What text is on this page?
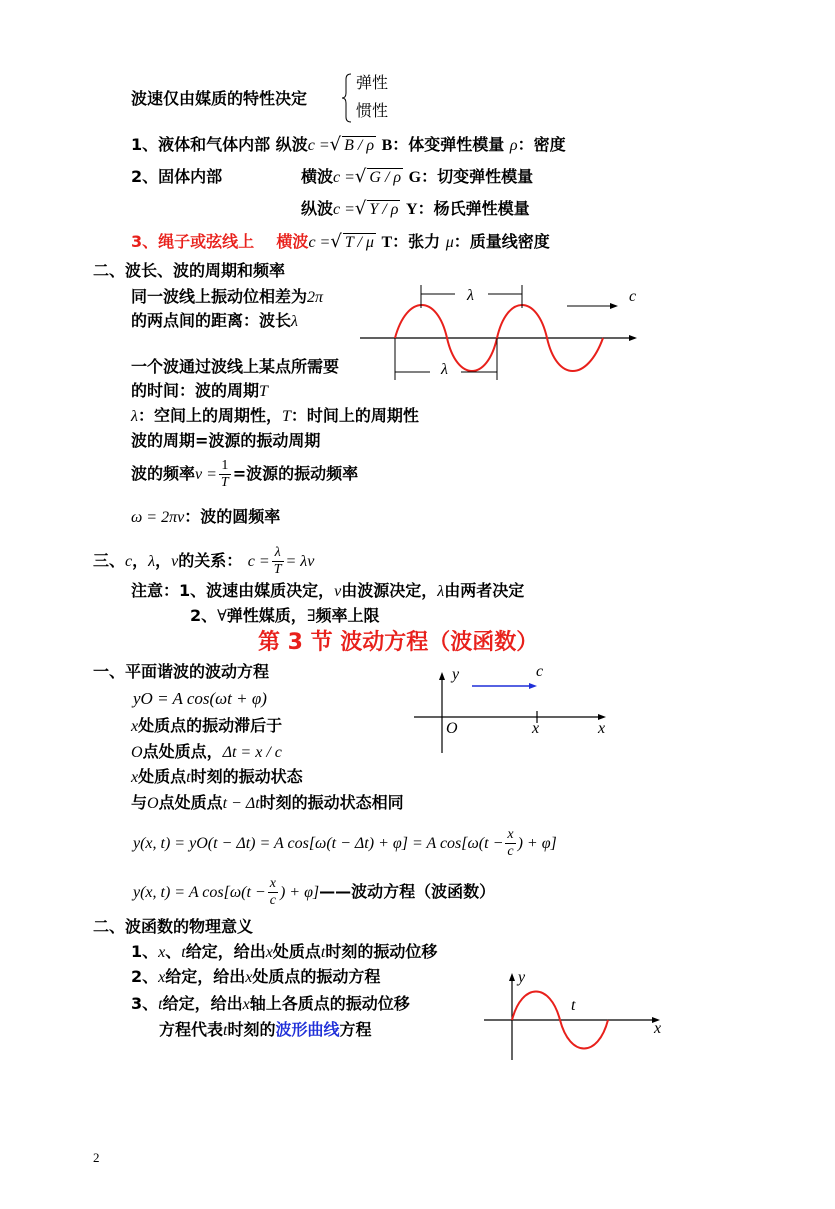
波速仅由媒质的特性决定
弹性
惯性
1、液体和气体内部 纵波c =√ B / ρ B：体变弹性模量 ρ：密度
2、固体内部	横波c =√ G / ρ G：切变弹性模量
纵波c =√ Y / ρ Y：杨氏弹性模量
3、绳子或弦线上 横波c =√ T / μ T：张力 μ：质量线密度
二、波长、波的周期和频率
同一波线上振动位相差为2π
的两点间的距离：波长λ
一个波通过波线上某点所需要
的时间：波的周期T
λ：空间上的周期性，T：时间上的周期性
波的周期=波源的振动周期
波的频率$\nu = \frac{1}{T}$ =波源的振动频率
ω = 2πν：波的圆频率
λ
λ
c
三、c，λ，ν的关系： $c = \frac{\lambda}{T} = \lambda\nu$
注意：1、波速由媒质决定，ν由波源决定，λ由两者决定
2、∀弹性媒质，∃频率上限
第 3 节 波动方程（波函数）
一、平面谐波的波动方程
yO = A cos(ωt + φ)
x处质点的振动滞后于
O点处质点，Δt = x / c
x处质点t时刻的振动状态
与O点处质点t − Δt时刻的振动状态相同
y(x, t) = yO(t − Δt) = A cos[ω(t − Δt) + φ] = A $\cos[\omega(t - \frac{x}{c}$ ) + φ]
y(x, t) = A $\cos[\omega(t - \frac{x}{c}$ ) + φ]——波动方程（波函数）
y	c
O	x	x
二、波函数的物理意义
1、x、t给定，给出x处质点t时刻的振动位移
2、x给定，给出x处质点的振动方程
3、t给定，给出x轴上各质点的振动位移
方程代表t时刻的波形曲线方程
y
t
x
2
